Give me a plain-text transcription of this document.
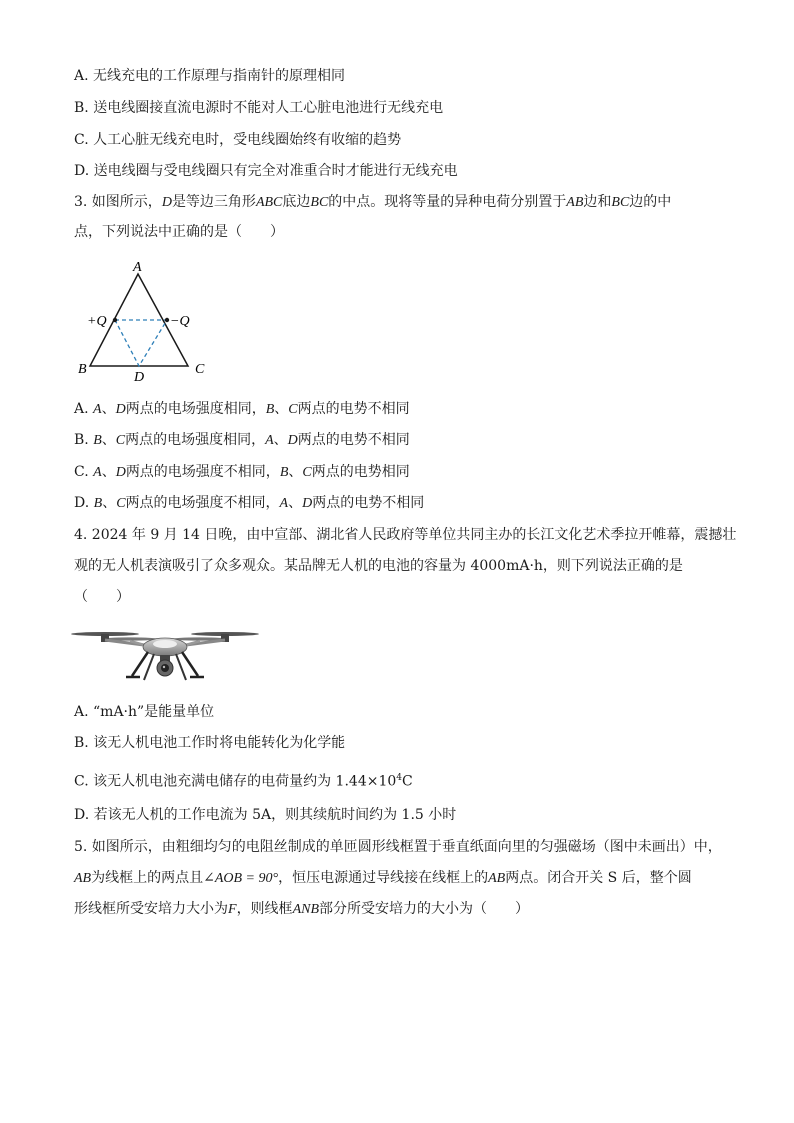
A. 无线充电的工作原理与指南针的原理相同
B. 送电线圈接直流电源时不能对人工心脏电池进行无线充电
C. 人工心脏无线充电时，受电线圈始终有收缩的趋势
D. 送电线圈与受电线圈只有完全对准重合时才能进行无线充电
3. 如图所示，D是等边三角形ABC底边BC的中点。现将等量的异种电荷分别置于AB边和BC边的中
点，下列说法中正确的是（　　）
A
B	C
D
+Q	−Q
A. A、D两点的电场强度相同，B、C两点的电势不相同
B. B、C两点的电场强度相同，A、D两点的电势不相同
C. A、D两点的电场强度不相同，B、C两点的电势相同
D. B、C两点的电场强度不相同，A、D两点的电势不相同
4. 2024 年 9 月 14 日晚，由中宣部、湖北省人民政府等单位共同主办的长江文化艺术季拉开帷幕，震撼壮
观的无人机表演吸引了众多观众。某品牌无人机的电池的容量为 4000mA·h，则下列说法正确的是
（　　）
A. “mA·h”是能量单位
B. 该无人机电池工作时将电能转化为化学能
C. 该无人机电池充满电储存的电荷量约为 $1.44\times 10^4C$
D. 若该无人机的工作电流为 5A，则其续航时间约为 1.5 小时
5. 如图所示，由粗细均匀的电阻丝制成的单匝圆形线框置于垂直纸面向里的匀强磁场（图中未画出）中，
AB为线框上的两点且∠AOB = 90°，恒压电源通过导线接在线框上的AB两点。闭合开关 S 后，整个圆
形线框所受安培力大小为F，则线框ANB部分所受安培力的大小为（　　）
